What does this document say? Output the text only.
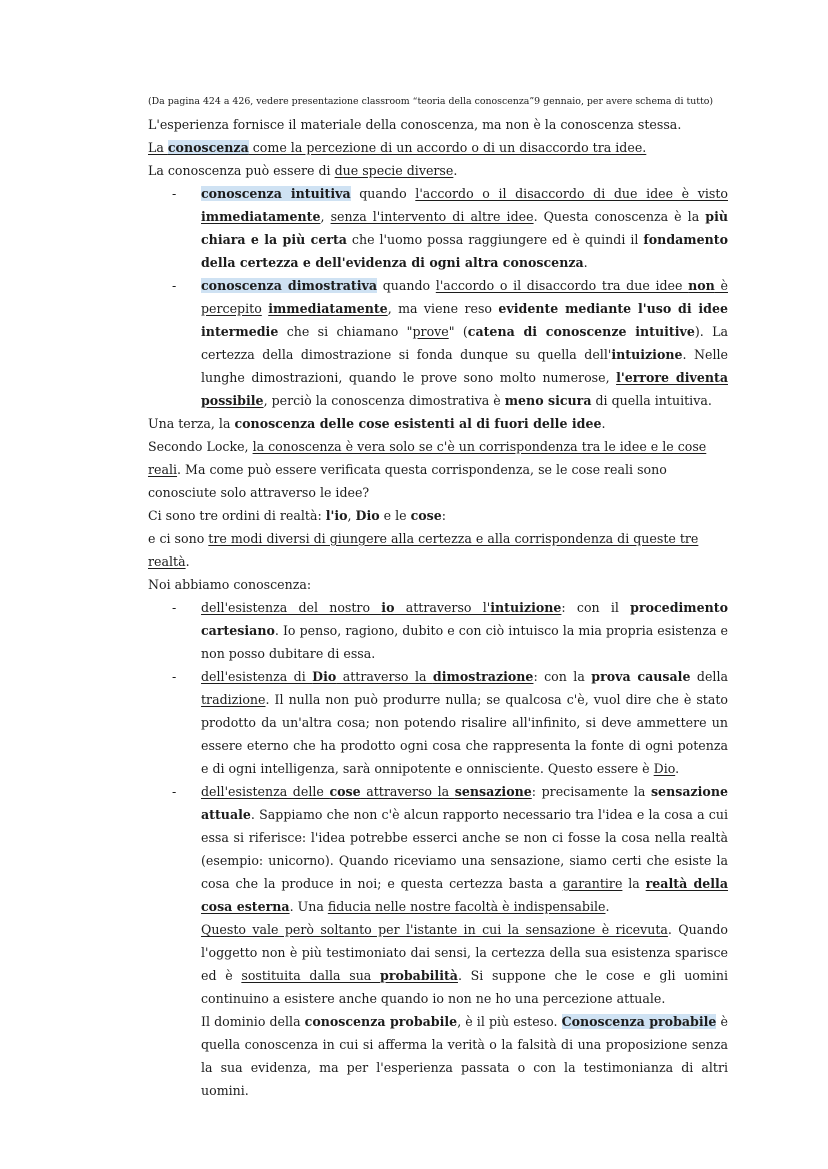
(Da pagina 424 a 426, vedere presentazione classroom “teoria della conoscenza”9 gennaio, per avere schema di tutto)

L'esperienza fornisce il materiale della conoscenza, ma non è la conoscenza stessa.

La conoscenza come la percezione di un accordo o di un disaccordo tra idee.

La conoscenza può essere di due specie diverse.

- conoscenza intuitiva quando l'accordo o il disaccordo di due idee è visto immediatamente, senza l'intervento di altre idee. Questa conoscenza è la più chiara e la più certa che l'uomo possa raggiungere ed è quindi il fondamento della certezza e dell'evidenza di ogni altra conoscenza.
- conoscenza dimostrativa quando l'accordo o il disaccordo tra due idee non è percepito immediatamente, ma viene reso evidente mediante l'uso di idee intermedie che si chiamano "prove" (catena di conoscenze intuitive). La certezza della dimostrazione si fonda dunque su quella dell'intuizione. Nelle lunghe dimostrazioni, quando le prove sono molto numerose, l'errore diventa possibile, perciò la conoscenza dimostrativa è meno sicura di quella intuitiva.

Una terza, la conoscenza delle cose esistenti al di fuori delle idee.

Secondo Locke, la conoscenza è vera solo se c'è un corrispondenza tra le idee e le cose reali. Ma come può essere verificata questa corrispondenza, se le cose reali sono conosciute solo attraverso le idee?

Ci sono tre ordini di realtà: l'io, Dio e le cose:

e ci sono tre modi diversi di giungere alla certezza e alla corrispondenza di queste tre realtà.

Noi abbiamo conoscenza:

- dell'esistenza del nostro io attraverso l'intuizione: con il procedimento cartesiano. Io penso, ragiono, dubito e con ciò intuisco la mia propria esistenza e non posso dubitare di essa.
- dell'esistenza di Dio attraverso la dimostrazione: con la prova causale della tradizione. Il nulla non può produrre nulla; se qualcosa c'è, vuol dire che è stato prodotto da un'altra cosa; non potendo risalire all'infinito, si deve ammettere un essere eterno che ha prodotto ogni cosa che rappresenta la fonte di ogni potenza e di ogni intelligenza, sarà onnipotente e onnisciente. Questo essere è Dio.
- dell'esistenza delle cose attraverso la sensazione: precisamente la sensazione attuale. Sappiamo che non c'è alcun rapporto necessario tra l'idea e la cosa a cui essa si riferisce: l'idea potrebbe esserci anche se non ci fosse la cosa nella realtà (esempio: unicorno). Quando riceviamo una sensazione, siamo certi che esiste la cosa che la produce in noi; e questa certezza basta a garantire la realtà della cosa esterna. Una fiducia nelle nostre facoltà è indispensabile.

Questo vale però soltanto per l'istante in cui la sensazione è ricevuta. Quando l'oggetto non è più testimoniato dai sensi, la certezza della sua esistenza sparisce ed è sostituita dalla sua probabilità. Si suppone che le cose e gli uomini continuino a esistere anche quando io non ne ho una percezione attuale.

Il dominio della conoscenza probabile, è il più esteso. Conoscenza probabile è quella conoscenza in cui si afferma la verità o la falsità di una proposizione senza la sua evidenza, ma per l'esperienza passata o con la testimonianza di altri uomini.
